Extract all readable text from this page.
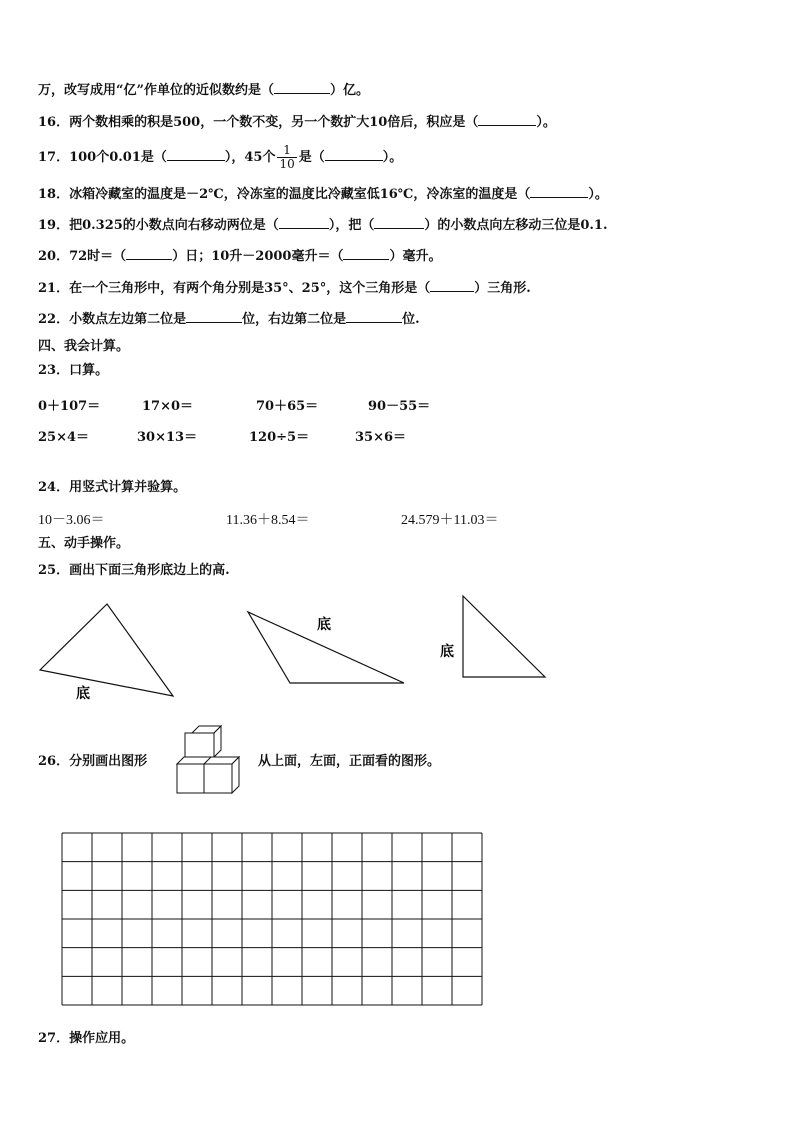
万，改写成用“亿”作单位的近似数约是（	）亿。
16．两个数相乘的积是500，一个数不变，另一个数扩大10倍后，积应是（	）。
17．100个0.01是（	），45个 $\frac{1}{10}$ 是（	）。
18．冰箱冷藏室的温度是－2℃，冷冻室的温度比冷藏室低16℃，冷冻室的温度是（	）。
19．把0.325的小数点向右移动两位是（	），把（	）的小数点向左移动三位是0.1.
20．72时＝（	）日；10升－2000毫升＝（	）毫升。
21．在一个三角形中，有两个角分别是35°、25°，这个三角形是（	）三角形.
22．小数点左边第二位是	位，右边第二位是	位.
四、我会计算。
23．口算。
0＋107＝	17×0＝	70＋65＝	90－55＝
25×4＝	30×13＝	120÷5＝	35×6＝
24．用竖式计算并验算。
10－3.06＝	11.36＋8.54＝	24.579＋11.03＝
五、动手操作。
25．画出下面三角形底边上的高.
底
底
底
26．分别画出图形	从上面，左面，正面看的图形。
27．操作应用。
